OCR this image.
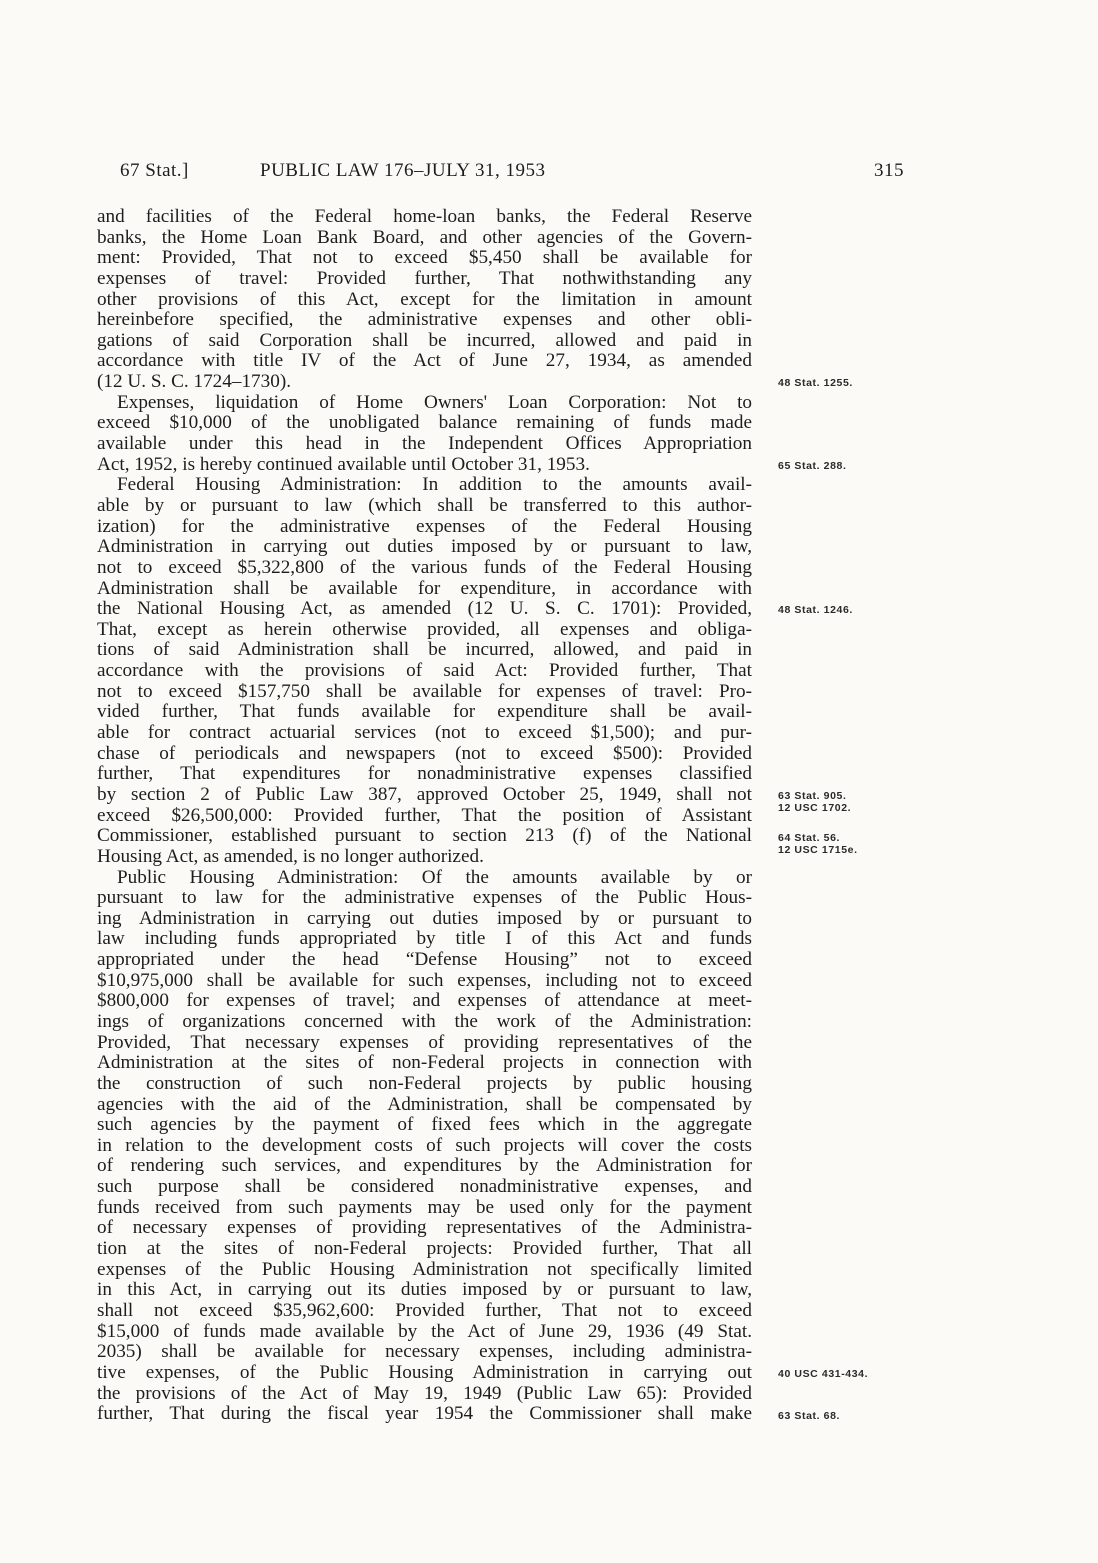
67 Stat.]	PUBLIC LAW 176–JULY 31, 1953	315
and facilities of the Federal home-loan banks, the Federal Reserve
banks, the Home Loan Bank Board, and other agencies of the Govern-
ment: Provided, That not to exceed $5,450 shall be available for
expenses of travel: Provided further, That nothwithstanding any
other provisions of this Act, except for the limitation in amount
hereinbefore specified, the administrative expenses and other obli-
gations of said Corporation shall be incurred, allowed and paid in
accordance with title IV of the Act of June 27, 1934, as amended
(12 U. S. C. 1724–1730).
Expenses, liquidation of Home Owners' Loan Corporation: Not to
exceed $10,000 of the unobligated balance remaining of funds made
available under this head in the Independent Offices Appropriation
Act, 1952, is hereby continued available until October 31, 1953.
Federal Housing Administration: In addition to the amounts avail-
able by or pursuant to law (which shall be transferred to this author-
ization) for the administrative expenses of the Federal Housing
Administration in carrying out duties imposed by or pursuant to law,
not to exceed $5,322,800 of the various funds of the Federal Housing
Administration shall be available for expenditure, in accordance with
the National Housing Act, as amended (12 U. S. C. 1701): Provided,
That, except as herein otherwise provided, all expenses and obliga-
tions of said Administration shall be incurred, allowed, and paid in
accordance with the provisions of said Act: Provided further, That
not to exceed $157,750 shall be available for expenses of travel: Pro-
vided further, That funds available for expenditure shall be avail-
able for contract actuarial services (not to exceed $1,500); and pur-
chase of periodicals and newspapers (not to exceed $500): Provided
further, That expenditures for nonadministrative expenses classified
by section 2 of Public Law 387, approved October 25, 1949, shall not
exceed $26,500,000: Provided further, That the position of Assistant
Commissioner, established pursuant to section 213 (f) of the National
Housing Act, as amended, is no longer authorized.
Public Housing Administration: Of the amounts available by or
pursuant to law for the administrative expenses of the Public Hous-
ing Administration in carrying out duties imposed by or pursuant to
law including funds appropriated by title I of this Act and funds
appropriated under the head “Defense Housing” not to exceed
$10,975,000 shall be available for such expenses, including not to exceed
$800,000 for expenses of travel; and expenses of attendance at meet-
ings of organizations concerned with the work of the Administration:
Provided, That necessary expenses of providing representatives of the
Administration at the sites of non-Federal projects in connection with
the construction of such non-Federal projects by public housing
agencies with the aid of the Administration, shall be compensated by
such agencies by the payment of fixed fees which in the aggregate
in relation to the development costs of such projects will cover the costs
of rendering such services, and expenditures by the Administration for
such purpose shall be considered nonadministrative expenses, and
funds received from such payments may be used only for the payment
of necessary expenses of providing representatives of the Administra-
tion at the sites of non-Federal projects: Provided further, That all
expenses of the Public Housing Administration not specifically limited
in this Act, in carrying out its duties imposed by or pursuant to law,
shall not exceed $35,962,600: Provided further, That not to exceed
$15,000 of funds made available by the Act of June 29, 1936 (49 Stat.
2035) shall be available for necessary expenses, including administra-
tive expenses, of the Public Housing Administration in carrying out
the provisions of the Act of May 19, 1949 (Public Law 65): Provided
further, That during the fiscal year 1954 the Commissioner shall make
48 Stat. 1255.
65 Stat. 288.
48 Stat. 1246.
63 Stat. 905.
12 USC 1702.
64 Stat. 56.
12 USC 1715e.
40 USC 431-434.
63 Stat. 68.
